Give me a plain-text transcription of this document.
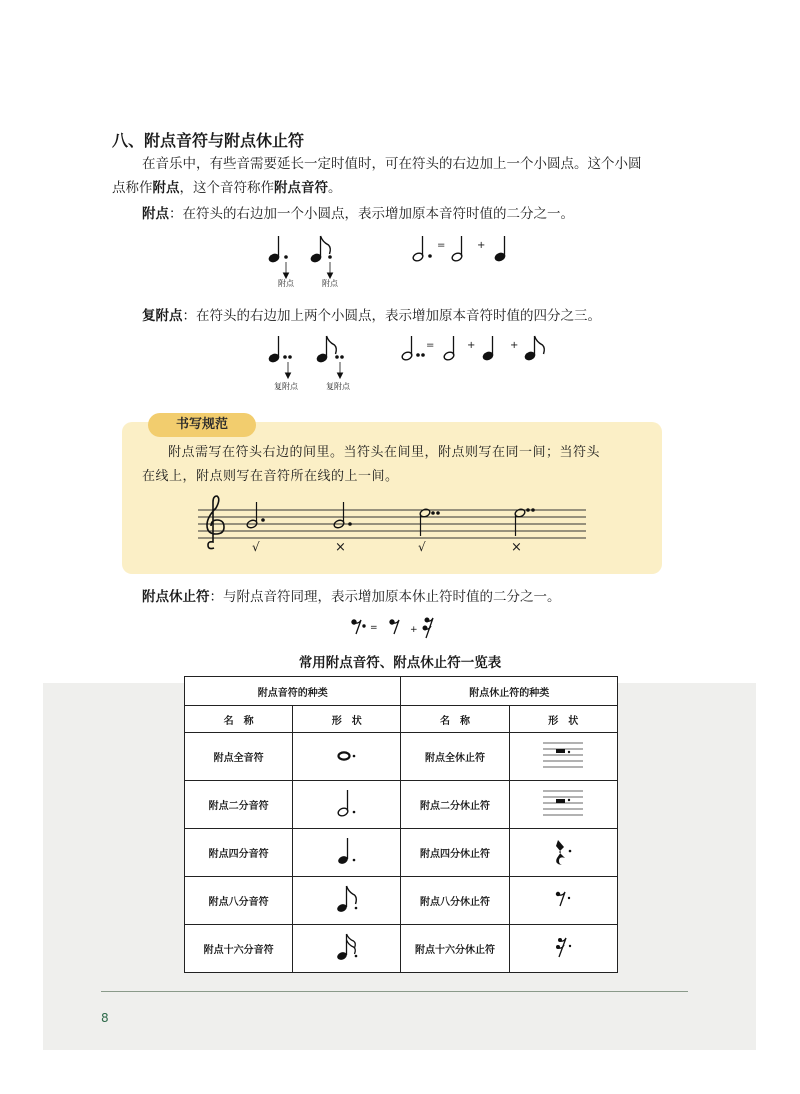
八、附点音符与附点休止符
在音乐中，有些音需要延长一定时值时，可在符头的右边加上一个小圆点。这个小圆
点称作附点，这个音符称作附点音符。
附点：在符头的右边加一个小圆点，表示增加原本音符时值的二分之一。
=	+
附点	附点
复附点：在符头的右边加上两个小圆点，表示增加原本音符时值的四分之三。
=	+	+
复附点	复附点
书写规范
附点需写在符头右边的间里。当符头在间里，附点则写在同一间；当符头
在线上，附点则写在音符所在线的上一间。
√	×	√	×
附点休止符：与附点音符同理，表示增加原本休止符时值的二分之一。
=	+
常用附点音符、附点休止符一览表
附点音符的种类		附点休止符的种类	
名　称	形　状	名　称	形　状
附点全音符		附点全休止符	
附点二分音符		附点二分休止符	
附点四分音符		附点四分休止符	
附点八分音符		附点八分休止符	
附点十六分音符		附点十六分休止符	
8
